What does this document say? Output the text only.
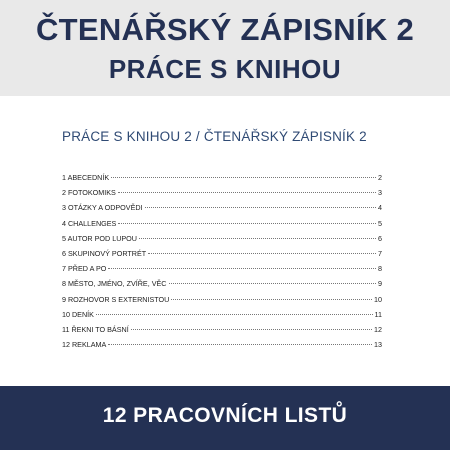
ČTENÁŘSKÝ ZÁPISNÍK 2
PRÁCE S KNIHOU
PRÁCE S KNIHOU 2 / ČTENÁŘSKÝ ZÁPISNÍK 2
1 ABECEDNÍK	2
2 FOTOKOMIKS	3
3 OTÁZKY A ODPOVĚDI	4
4 CHALLENGES	5
5 AUTOR POD LUPOU	6
6 SKUPINOVÝ PORTRÉT	7
7 PŘED A PO	8
8 MĚSTO, JMÉNO, ZVÍŘE, VĚC	9
9 ROZHOVOR S EXTERNISTOU	10
10 DENÍK	11
11 ŘEKNI TO BÁSNÍ	12
12 REKLAMA	13
12 PRACOVNÍCH LISTŮ
